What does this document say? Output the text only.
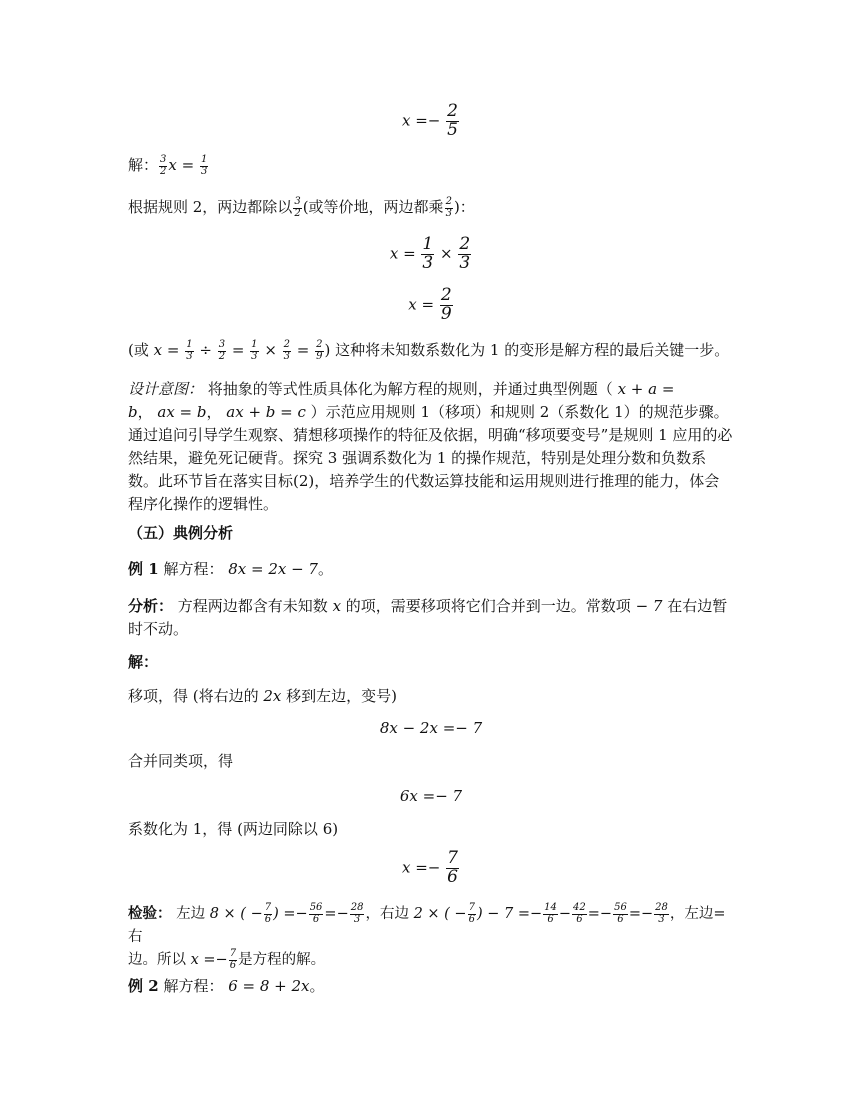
$x =- \frac{2}{5}$
解： $\frac{3}{2}$ $x = \frac{1}{3}$
根据规则 2，两边都除以 $\frac{3}{2}$ (或等价地，两边都乘 $\frac{2}{3}$ )：
$x = \frac{1}{3} \times \frac{2}{3}$
$x = \frac{2}{9}$
(或 $x = \frac{1}{3} \div \frac{3}{2} = \frac{1}{3} \times \frac{2}{3} = \frac{2}{9}$ ) 这种将未知数系数化为 1 的变形是解方程的最后关键一步。
设计意图： 将抽象的等式性质具体化为解方程的规则，并通过典型例题（ x + a =
b， ax = b， ax + b = c ）示范应用规则 1（移项）和规则 2（系数化 1）的规范步骤。通过追问引导学生观察、猜想移项操作的特征及依据，明确“移项要变号”是规则 1 应用的必然结果，避免死记硬背。探究 3 强调系数化为 1 的操作规范，特别是处理分数和负数系数。此环节旨在落实目标(2)，培养学生的代数运算技能和运用规则进行推理的能力，体会程序化操作的逻辑性。
（五）典例分析
例 1 解方程： 8x = 2x − 7。
分析： 方程两边都含有未知数 x 的项，需要移项将它们合并到一边。常数项 − 7 在右边暂时不动。
解：
移项，得 (将右边的 2x 移到左边，变号)
8x − 2x =− 7
合并同类项，得
6x =− 7
系数化为 1，得 (两边同除以 6)
$x =- \frac{7}{6}$
检验： 左边 8 × ( − $\frac{7}{6}$ ) =− $\frac{56}{6} =- \frac{28}{3}$ ，右边 2 × ( − $\frac{7}{6}$ ) − $7 =- \frac{14}{6} - \frac{42}{6} =- \frac{56}{6} =- \frac{28}{3}$ ，左边=右
边。所以 $x =- \frac{7}{6}$ 是方程的解。
例 2 解方程： 6 = 8 + 2x。
